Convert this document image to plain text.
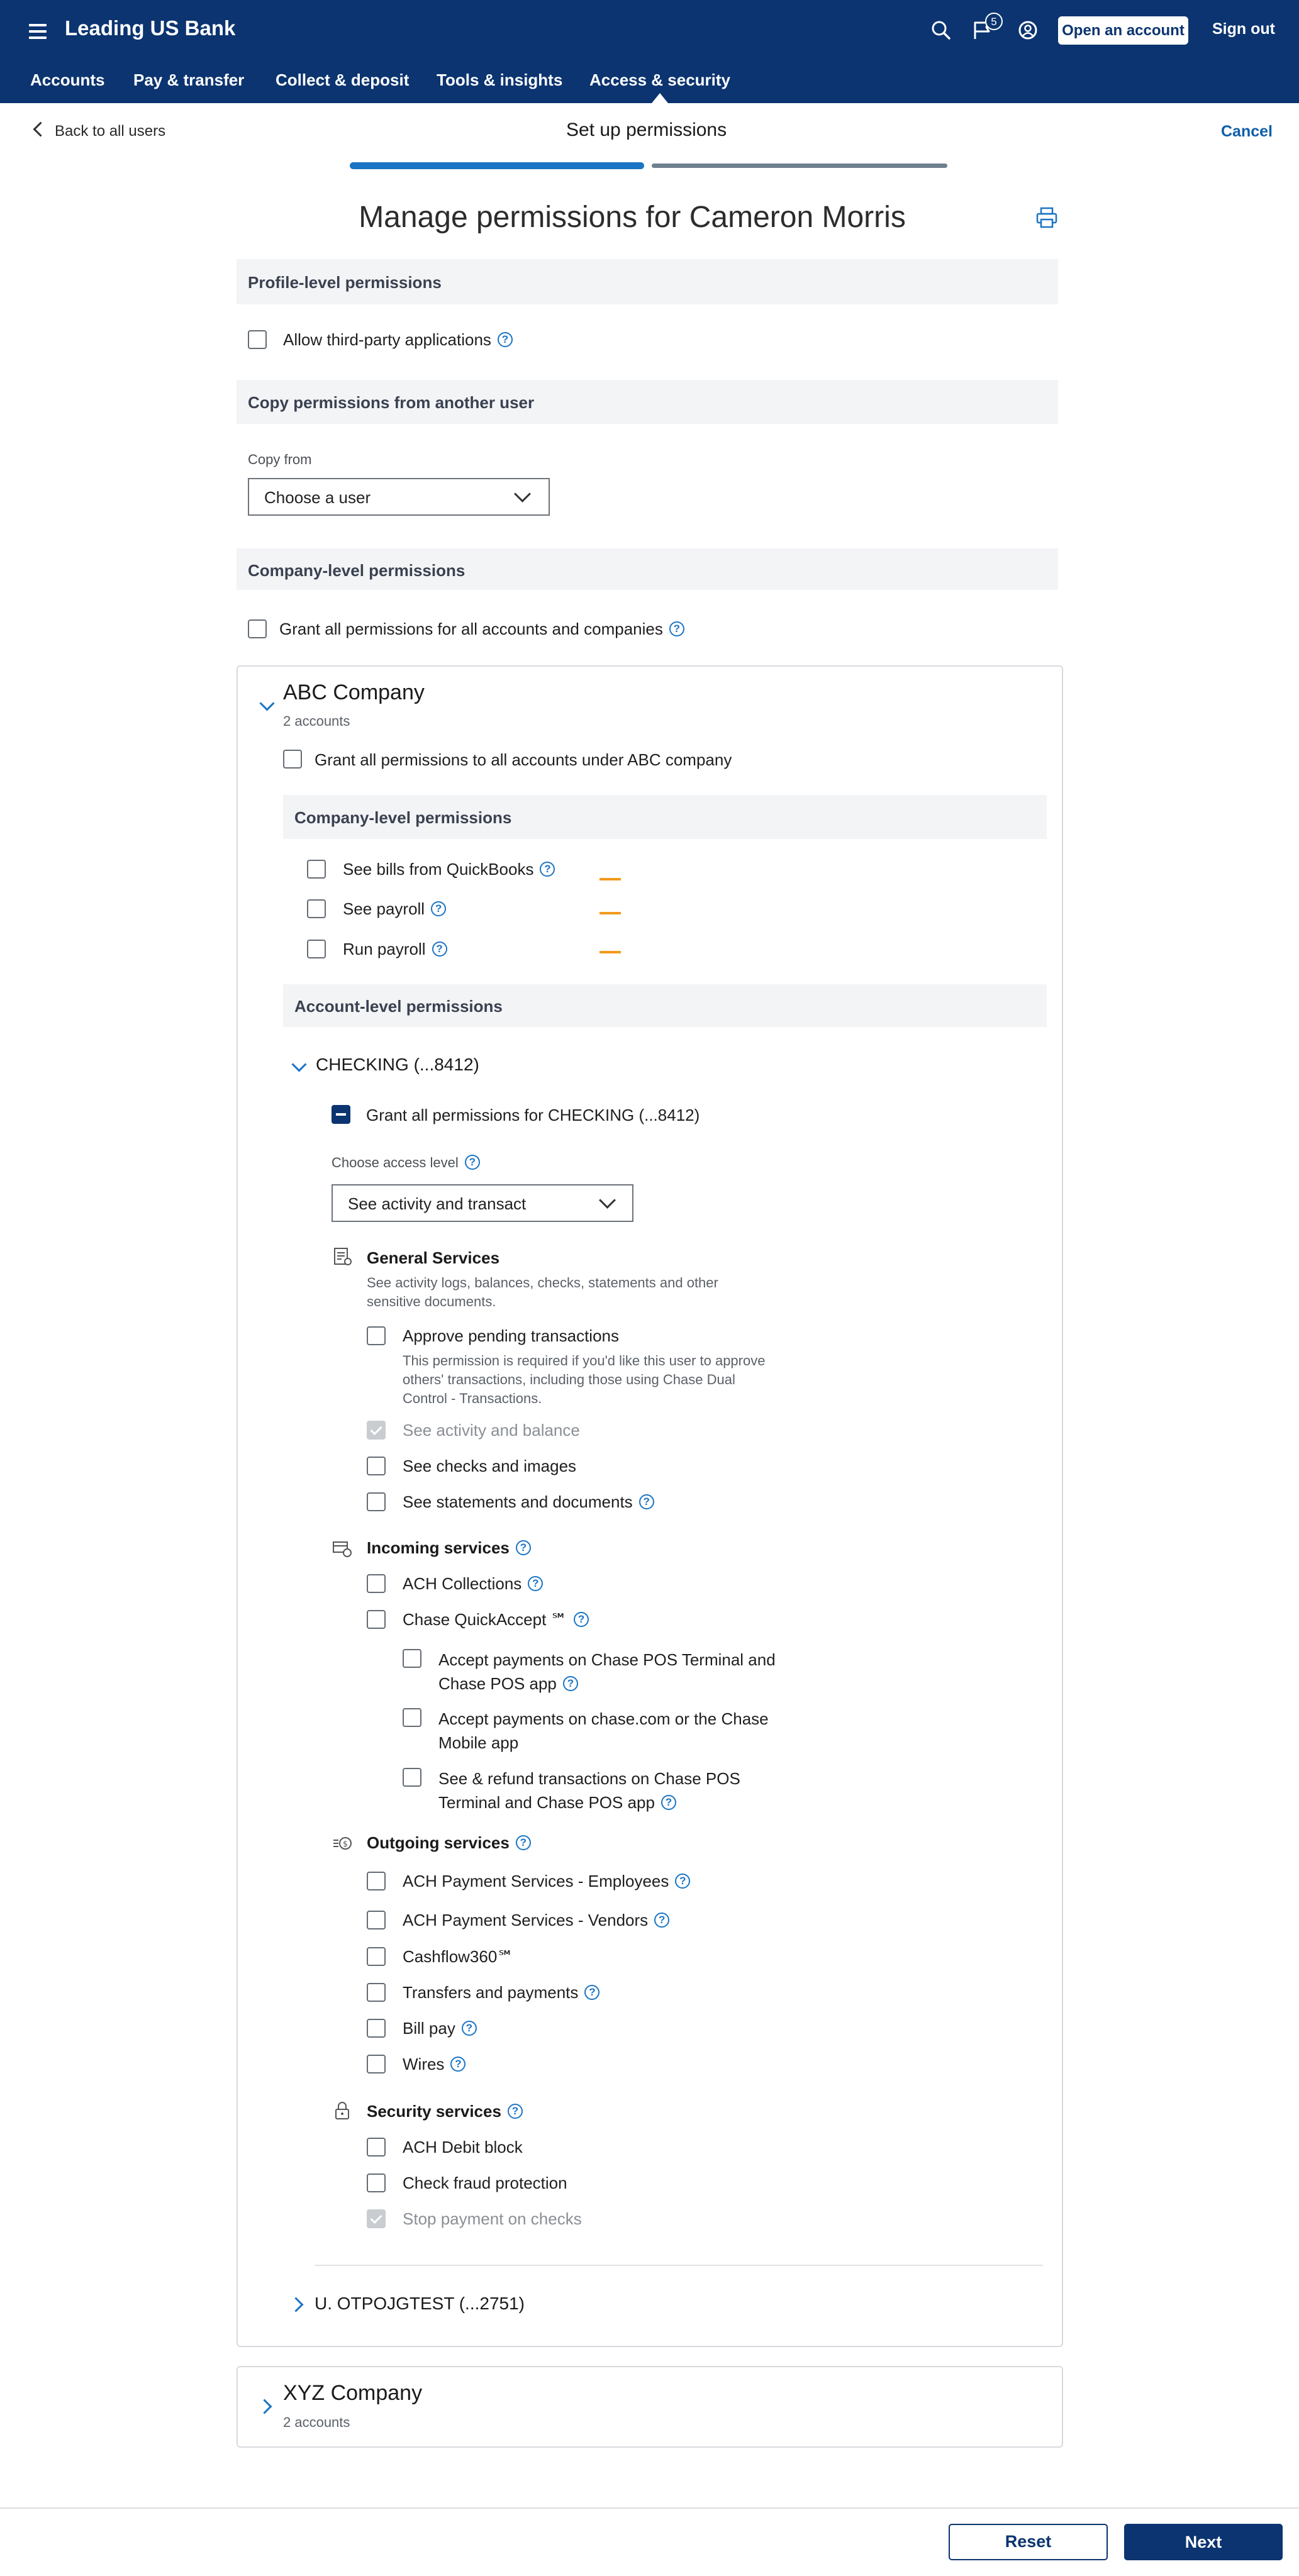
Leading US Bank	5
Open an account Sign out
Accounts Pay & transfer Collect & deposit Tools & insights Access & security
Back to all users	Set up permissions	Cancel
Manage permissions for Cameron Morris
Profile-level permissions
Allow third-party applications ?
Copy permissions from another user
Copy from
Choose a user
Company-level permissions
Grant all permissions for all accounts and companies ?
ABC Company
2 accounts
Grant all permissions to all accounts under ABC company
Company-level permissions
See bills from QuickBooks ?
See payroll ?
Run payroll ?
Account-level permissions
CHECKING (...8412)
Grant all permissions for CHECKING (...8412)
Choose access level ?
See activity and transact
General Services
See activity logs, balances, checks, statements and other
sensitive documents.
Approve pending transactions
This permission is required if you'd like this user to approve
others' transactions, including those using Chase Dual
Control - Transactions.
See activity and balance
See checks and images
See statements and documents ?
Incoming services ?
ACH Collections ?
Chase QuickAccept ℠ ?
Accept payments on Chase POS Terminal and
Chase POS app ?
Accept payments on chase.com or the Chase
Mobile app
See & refund transactions on Chase POS
Terminal and Chase POS app ?
$ Outgoing services ?
ACH Payment Services - Employees ?
ACH Payment Services - Vendors ?
Cashflow360℠
Transfers and payments ?
Bill pay ?
Wires ?
Security services ?
ACH Debit block
Check fraud protection
Stop payment on checks
U. OTPOJGTEST (...2751)
XYZ Company
2 accounts
Reset	Next
